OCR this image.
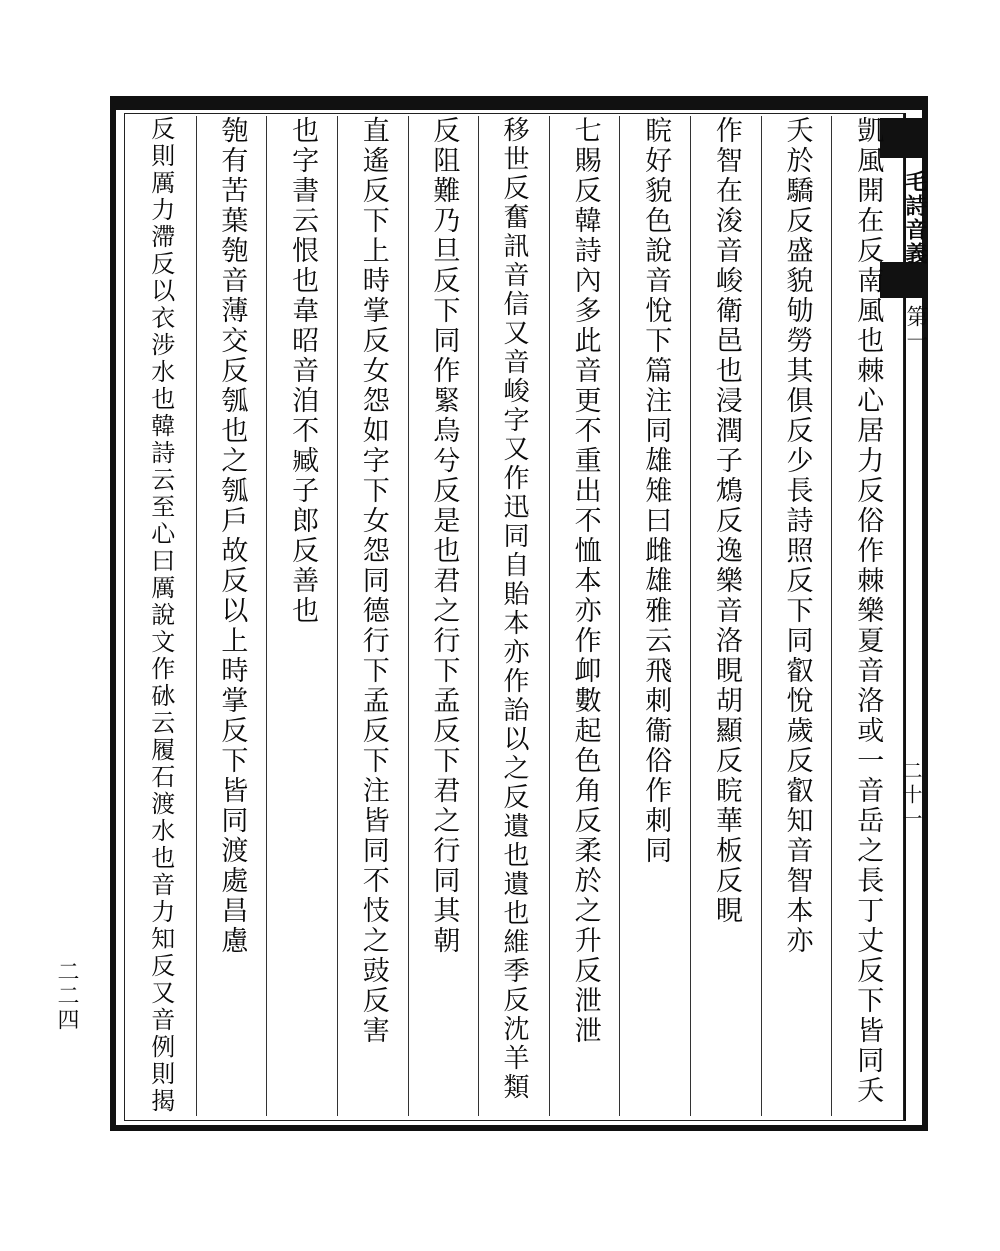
毛詩音義
第一
二十一
二二四	凱風開在反南風也棘心居力反俗作棘樂夏音洛或一音岳之長丁丈反下皆同夭
夭於驕反盛貌劬勞其俱反少長詩照反下同叡悅歲反叡知音智本亦
作智在浚音峻衛邑也浸潤子鴆反逸樂音洛睍胡顯反睆華板反睍
睆好貌色說音悅下篇注同雄雉曰雌雄雅云飛刺衞俗作刺同
七賜反韓詩內多此音更不重出不恤本亦作卹數起色角反柔於之升反泄泄
移世反奮訊音信又音峻字又作迅同自貽本亦作詒以之反遺也遺也維季反沈羊類
反阻難乃旦反下同作緊烏兮反是也君之行下孟反下君之行同其朝
直遙反下上時掌反女怨如字下女怨同德行下孟反下注皆同不忮之豉反害
也字書云恨也韋昭音洎不臧子郎反善也
匏有苦葉匏音薄交反瓠也之瓠戶故反以上時掌反下皆同渡處昌慮
反則厲力滯反以衣涉水也韓詩云至心曰厲說文作砅云履石渡水也音力知反又音例則揭
